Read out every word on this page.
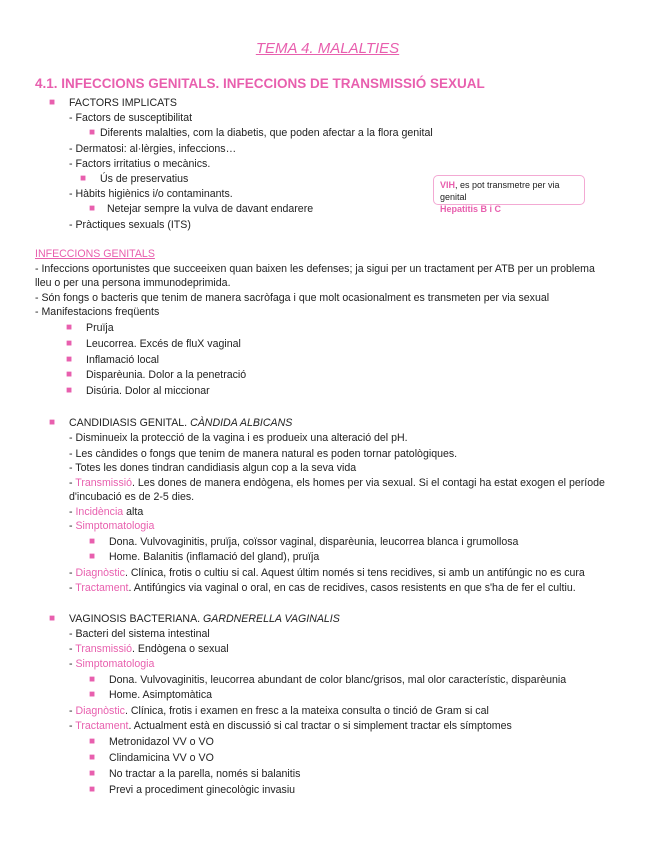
TEMA 4. MALALTIES
4.1. INFECCIONS GENITALS. INFECCIONS DE TRANSMISSIÓ SEXUAL
■ FACTORS IMPLICATS
- Factors de susceptibilitat
■ Diferents malalties, com la diabetis, que poden afectar a la flora genital
- Dermatosi: al·lèrgies, infeccions…
- Factors irritatius o mecànics.
■ Ús de preservatius
- Hàbits higiènics i/o contaminants.
■ Netejar sempre la vulva de davant endarere
- Pràctiques sexuals (ITS)
VIH, es pot transmetre per via genital
Hepatitis B i C
INFECCIONS GENITALS
- Infeccions oportunistes que succeeixen quan baixen les defenses; ja sigui per un tractament per ATB per un problema
lleu o per una persona immunodeprimida.
- Són fongs o bacteris que tenim de manera sacròfaga i que molt ocasionalment es transmeten per via sexual
- Manifestacions freqüents
■ Pruïja
■ Leucorrea. Excés de fluX vaginal
■ Inflamació local
■ Disparèunia. Dolor a la penetració
■ Disúria. Dolor al miccionar
■ CANDIDIASIS GENITAL. CÀNDIDA ALBICANS
- Disminueix la protecció de la vagina i es produeix una alteració del pH.
- Les càndides o fongs que tenim de manera natural es poden tornar patològiques.
- Totes les dones tindran candidiasis algun cop a la seva vida
- Transmissió. Les dones de manera endògena, els homes per via sexual. Si el contagi ha estat exogen el període
d'incubació es de 2-5 dies.
- Incidència alta
- Simptomatologia
■ Dona. Vulvovaginitis, pruïja, coïssor vaginal, disparèunia, leucorrea blanca i grumollosa
■ Home. Balanitis (inflamació del gland), pruïja
- Diagnòstic. Clínica, frotis o cultiu si cal. Aquest últim només si tens recidives, si amb un antifúngic no es cura
- Tractament. Antifúngics via vaginal o oral, en cas de recidives, casos resistents en que s'ha de fer el cultiu.
■ VAGINOSIS BACTERIANA. GARDNERELLA VAGINALIS
- Bacteri del sistema intestinal
- Transmissió. Endògena o sexual
- Simptomatologia
■ Dona. Vulvovaginitis, leucorrea abundant de color blanc/grisos, mal olor característic, disparèunia
■ Home. Asimptomàtica
- Diagnòstic. Clínica, frotis i examen en fresc a la mateixa consulta o tinció de Gram si cal
- Tractament. Actualment està en discussió si cal tractar o si simplement tractar els símptomes
■ Metronidazol VV o VO
■ Clindamicina VV o VO
■ No tractar a la parella, només si balanitis
■ Previ a procediment ginecològic invasiu
